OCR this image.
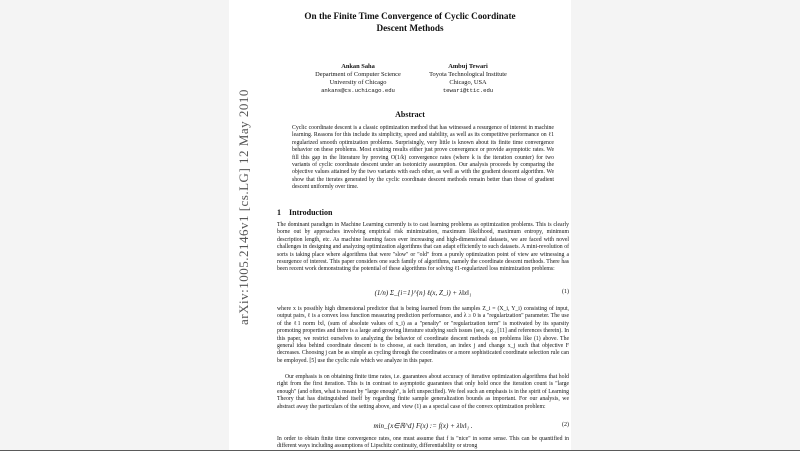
arXiv:1005.2146v1 [cs.LG] 12 May 2010
On the Finite Time Convergence of Cyclic Coordinate Descent Methods
Ankan Saha
Department of Computer Science
University of Chicago
ankans@cs.uchicago.edu
Ambuj Tewari
Toyota Technological Institute
Chicago, USA
tewari@ttic.edu
Abstract

Cyclic coordinate descent is a classic optimization method that has witnessed a resurgence of interest in machine learning. Reasons for this include its simplicity, speed and stability, as well as its competitive performance on ℓ1 regularized smooth optimization problems. Surprisingly, very little is known about its finite time convergence behavior on these problems. Most existing results either just prove convergence or provide asymptotic rates. We fill this gap in the literature by proving O(1/k) convergence rates (where k is the iteration counter) for two variants of cyclic coordinate descent under an isotonicity assumption. Our analysis proceeds by comparing the objective values attained by the two variants with each other, as well as with the gradient descent algorithm. We show that the iterates generated by the cyclic coordinate descent methods remain better than those of gradient descent uniformly over time.

1 Introduction

The dominant paradigm in Machine Learning currently is to cast learning problems as optimization problems. This is clearly borne out by approaches involving empirical risk minimization, maximum likelihood, maximum entropy, minimum description length, etc. As machine learning faces ever increasing and high-dimensional datasets, we are faced with novel challenges in designing and analyzing optimization algorithms that can adapt efficiently to such datasets. A mini-revolution of sorts is taking place where algorithms that were "slow" or "old" from a purely optimization point of view are witnessing a resurgence of interest. This paper considers one such family of algorithms, namely the coordinate descent methods. There has been recent work demonstrating the potential of these algorithms for solving ℓ1-regularized loss minimization problems:

(1/n) Σ_{i=1}^{n} ℓ(x, Z_i) + λ‖x‖₁	(1)

where x is possibly high dimensional predictor that is being learned from the samples Z_i = (X_i, Y_i) consisting of input, output pairs, ℓ is a convex loss function measuring prediction performance, and λ ≥ 0 is a "regularization" parameter. The use of the ℓ1 norm ‖x‖₁ (sum of absolute values of x_i) as a "penalty" or "regularization term" is motivated by its sparsity promoting properties and there is a large and growing literature studying such issues (see, e.g., [11] and references therein). In this paper, we restrict ourselves to analyzing the behavior of coordinate descent methods on problems like (1) above. The general idea behind coordinate descent is to choose, at each iteration, an index j and change x_j such that objective F decreases. Choosing j can be as simple as cycling through the coordinates or a more sophisticated coordinate selection rule can be employed. [5] use the cyclic rule which we analyze in this paper.

Our emphasis is on obtaining finite time rates, i.e. guarantees about accuracy of iterative optimization algorithms that hold right from the first iteration. This is in contrast to asymptotic guarantees that only hold once the iteration count is "large enough" (and often, what is meant by "large enough", is left unspecified). We feel such an emphasis is in the spirit of Learning Theory that has distinguished itself by regarding finite sample generalization bounds as important. For our analysis, we abstract away the particulars of the setting above, and view (1) as a special case of the convex optimization problem:

min_{x∈ℝ^d} F(x) := f(x) + λ‖x‖₁ .	(2)

In order to obtain finite time convergence rates, one must assume that f is "nice" in some sense. This can be quantified in different ways including assumptions of Lipschitz continuity, differentiability or strong
